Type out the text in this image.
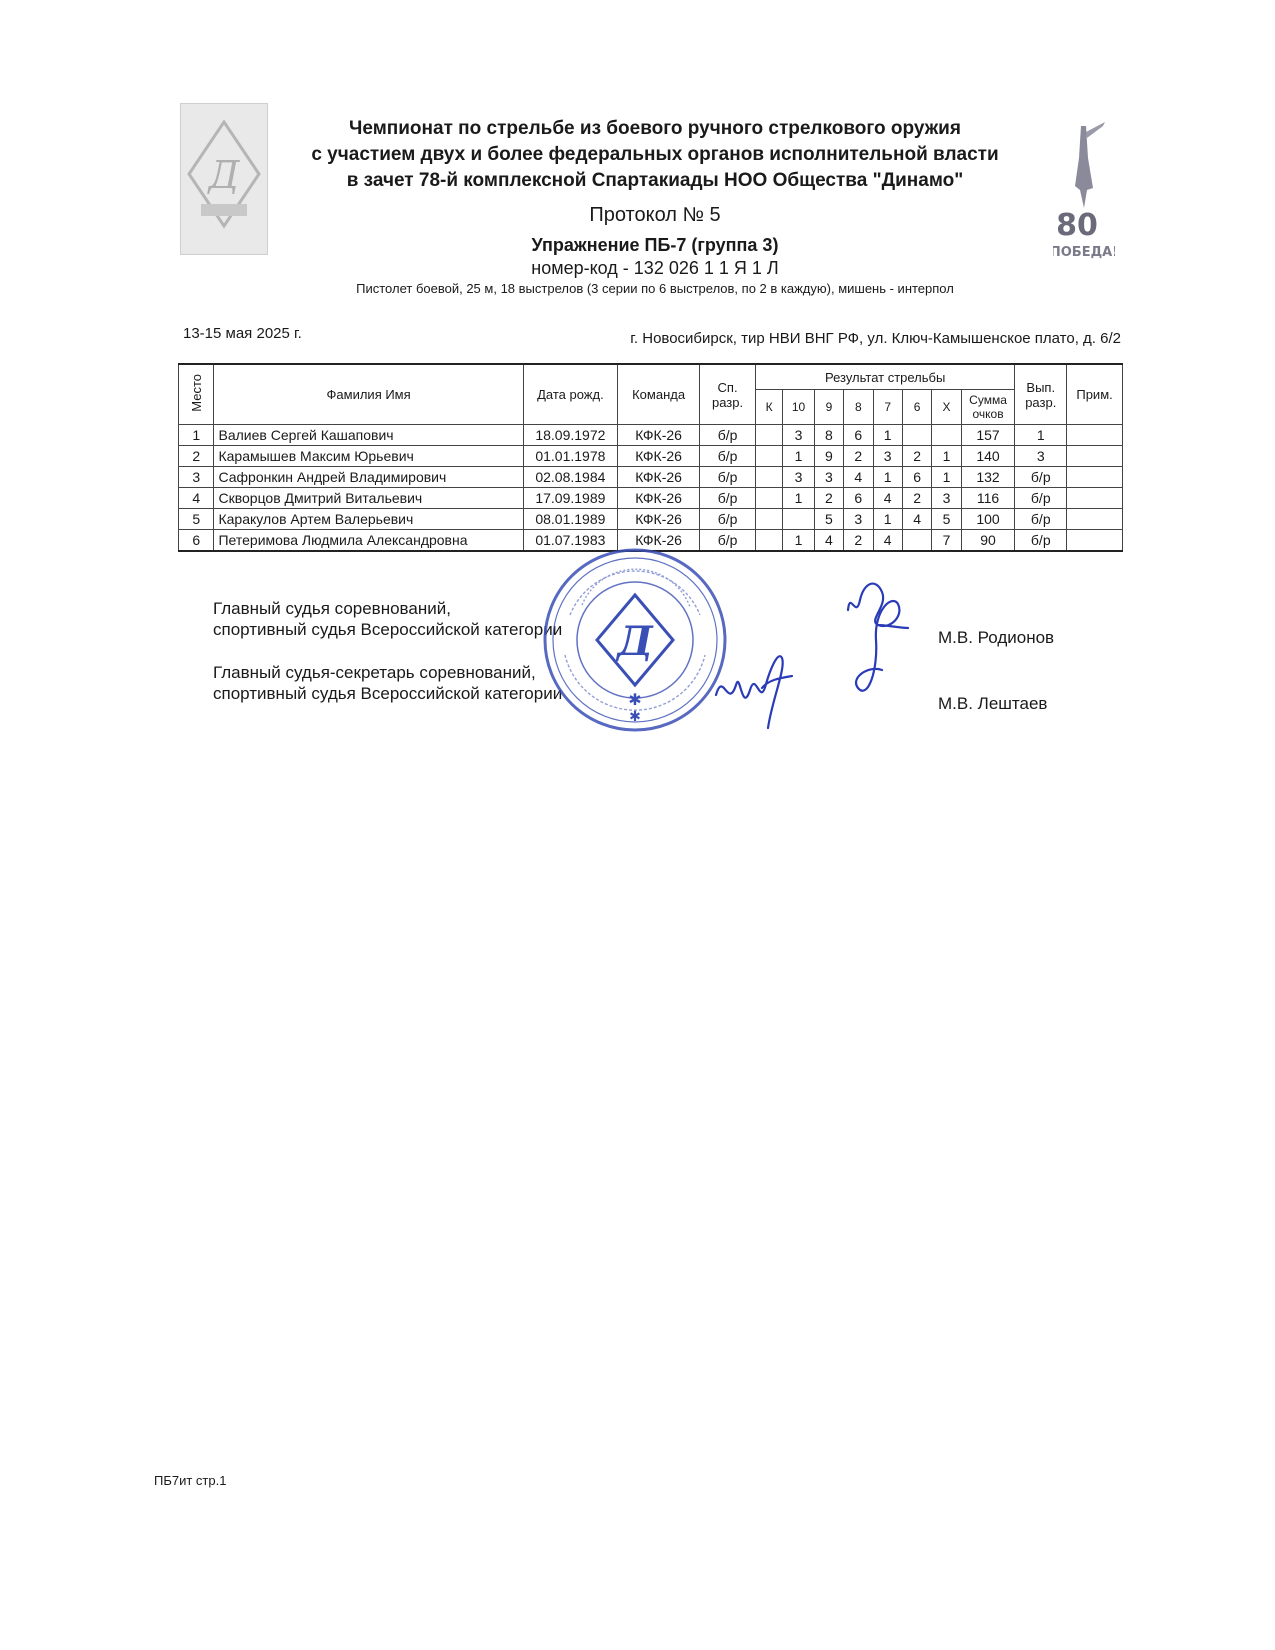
Д
80
ПОБЕДА!
Чемпионат по стрельбе из боевого ручного стрелкового оружия
с участием двух и более федеральных органов исполнительной власти
в зачет 78-й комплексной Спартакиады НОО Общества "Динамо"
Протокол № 5
Упражнение ПБ-7 (группа 3)
номер-код - 132 026 1 1 Я 1 Л
Пистолет боевой, 25 м, 18 выстрелов (3 серии по 6 выстрелов, по 2 в каждую), мишень - интерпол
13-15 мая 2025 г.	г. Новосибирск, тир НВИ ВНГ РФ, ул. Ключ-Камышенское плато, д. 6/2
Место	Фамилия Имя	Дата рожд.	Команда	Сп. разр.	Результат стрельбы								Вып. разр.	Прим.
					К	10	9	8	7	6	Х	Сумма очков		
1	Валиев Сергей Кашапович	18.09.1972	КФК-26	б/р		3	8	6	1			157	1	
2	Карамышев Максим Юрьевич	01.01.1978	КФК-26	б/р		1	9	2	3	2	1	140	3	
3	Сафронкин Андрей Владимирович	02.08.1984	КФК-26	б/р		3	3	4	1	6	1	132	б/р	
4	Скворцов Дмитрий Витальевич	17.09.1989	КФК-26	б/р		1	2	6	4	2	3	116	б/р	
5	Каракулов Артем Валерьевич	08.01.1989	КФК-26	б/р			5	3	1	4	5	100	б/р	
6	Петеримова Людмила Александровна	01.07.1983	КФК-26	б/р		1	4	2	4		7	90	б/р	
Главный судья соревнований,
спортивный судья Всероссийской категории
Главный судья-секретарь соревнований,
спортивный судья Всероссийской категории
М.В. Родионов
М.В. Лештаев
Д
✱
✱
ПБ7ит стр.1
